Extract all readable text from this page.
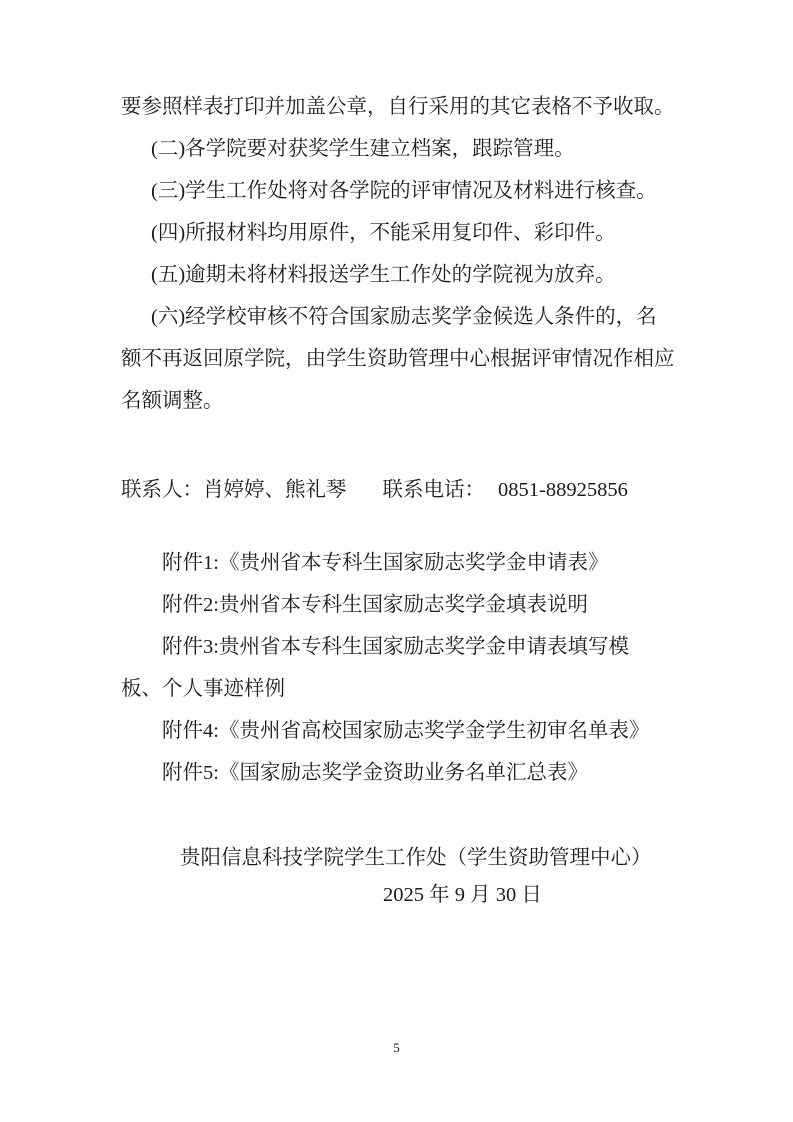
要参照样表打印并加盖公章，自行采用的其它表格不予收取。
(二)各学院要对获奖学生建立档案，跟踪管理。
(三)学生工作处将对各学院的评审情况及材料进行核查。
(四)所报材料均用原件，不能采用复印件、彩印件。
(五)逾期未将材料报送学生工作处的学院视为放弃。
(六)经学校审核不符合国家励志奖学金候选人条件的，名
额不再返回原学院，由学生资助管理中心根据评审情况作相应
名额调整。
联系人：肖婷婷、熊礼琴 联系电话： 0851-88925856
附件1:《贵州省本专科生国家励志奖学金申请表》
附件2:贵州省本专科生国家励志奖学金填表说明
附件3:贵州省本专科生国家励志奖学金申请表填写模
板、个人事迹样例
附件4:《贵州省高校国家励志奖学金学生初审名单表》
附件5:《国家励志奖学金资助业务名单汇总表》
贵阳信息科技学院学生工作处（学生资助管理中心）
2025 年 9 月 30 日
5
